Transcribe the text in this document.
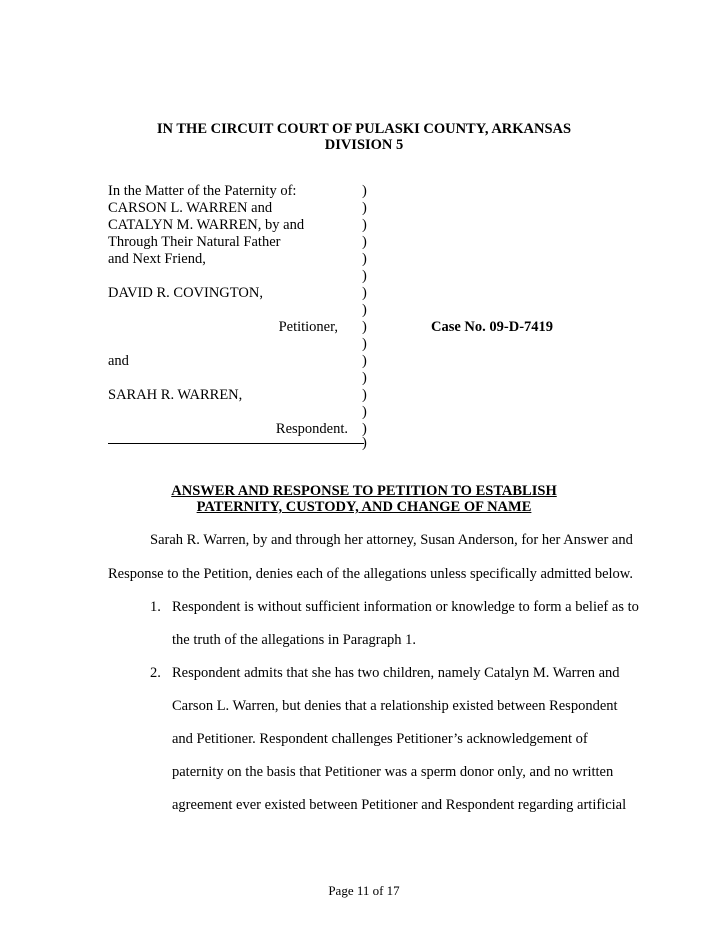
IN THE CIRCUIT COURT OF PULASKI COUNTY, ARKANSAS
DIVISION 5
In the Matter of the Paternity of:
CARSON L. WARREN and
CATALYN M. WARREN, by and
Through Their Natural Father
and Next Friend,
DAVID R. COVINGTON,
Petitioner,
and
SARAH R. WARREN,
Respondent.
)
)
)
)
)
)
)
)
)
)
)
)
)
)
)
)
Case No. 09-D-7419
ANSWER AND RESPONSE TO PETITION TO ESTABLISH
PATERNITY, CUSTODY, AND CHANGE OF NAME
Sarah R. Warren, by and through her attorney, Susan Anderson, for her Answer and
Response to the Petition, denies each of the allegations unless specifically admitted below.
1. Respondent is without sufficient information or knowledge to form a belief as to
the truth of the allegations in Paragraph 1.
2. Respondent admits that she has two children, namely Catalyn M. Warren and
Carson L. Warren, but denies that a relationship existed between Respondent
and Petitioner. Respondent challenges Petitioner’s acknowledgement of
paternity on the basis that Petitioner was a sperm donor only, and no written
agreement ever existed between Petitioner and Respondent regarding artificial
Page 11 of 17
